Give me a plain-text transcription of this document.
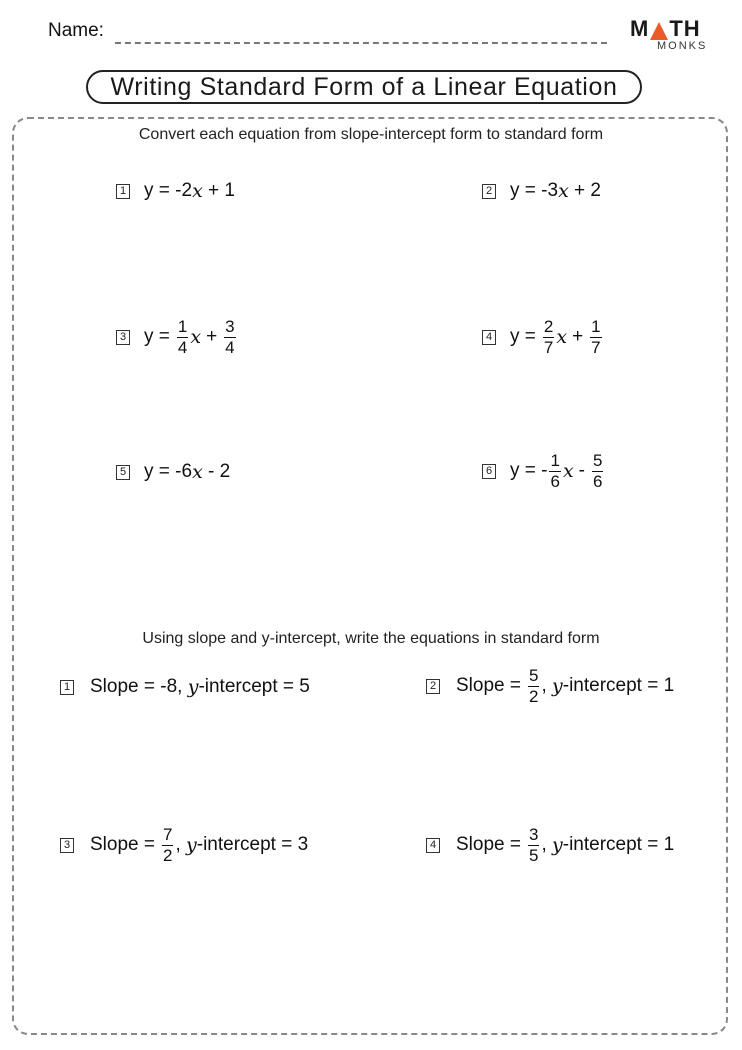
Name:	M TH
MONKS
Writing Standard Form of a Linear Equation
Convert each equation from slope-intercept form to standard form
1 y = -2 x + 1	2 y = -3 x + 2
3 $y = \frac{1}{4}$ $x + \frac{3}{4}$	4 $y = \frac{2}{7}$ $x + \frac{1}{7}$
5 y = -6 x - 2	6 y = - $\frac{1}{6}$ x - $\frac{5}{6}$
Using slope and y-intercept, write the equations in standard form
1 Slope = -8, y -intercept = 5	2 Slope = $\frac{5}{2}$ , y -intercept = 1
3 Slope = $\frac{7}{2}$ , y -intercept = 3	4 Slope = $\frac{3}{5}$ , y -intercept = 1
